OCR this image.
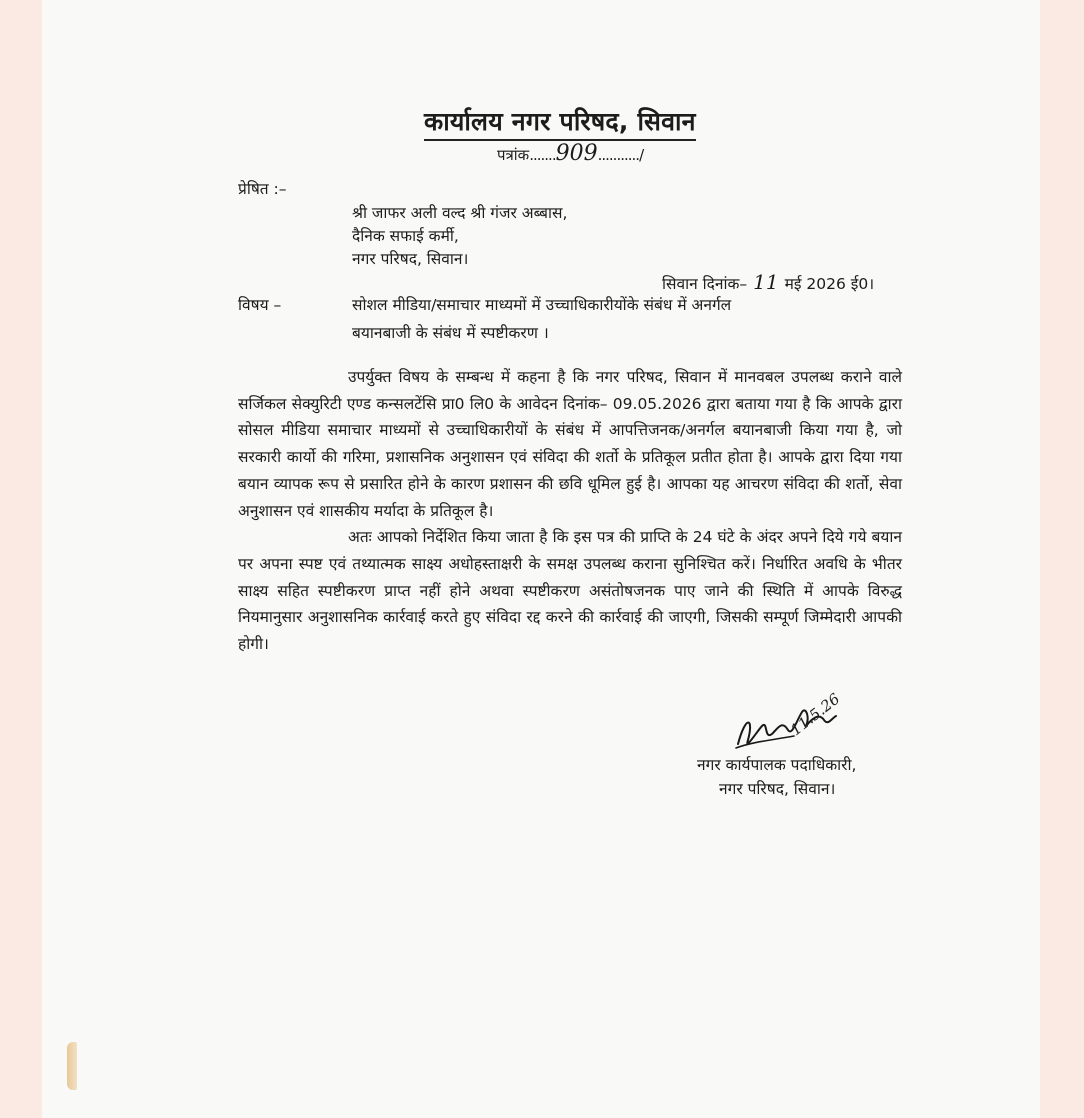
कार्यालय नगर परिषद, सिवान
पत्रांक.......909.........../
प्रेषित :–
श्री जाफर अली वल्द श्री गंजर अब्बास,
दैनिक सफाई कर्मी,
नगर परिषद, सिवान।
सिवान दिनांक– 11 मई 2026 ई0।
विषय –	सोशल मीडिया/समाचार माध्यमों में उच्चाधिकारीयोंके संबंध में अनर्गल
बयानबाजी के संबंध में स्पष्टीकरण ।

उपर्युक्त विषय के सम्बन्ध में कहना है कि नगर परिषद, सिवान में मानवबल उपलब्ध कराने वाले सर्जिकल सेक्युरिटी एण्ड कन्सलटेंसि प्रा0 लि0 के आवेदन दिनांक– 09.05.2026 द्वारा बताया गया है कि आपके द्वारा सोसल मीडिया समाचार माध्यमों से उच्चाधिकारीयों के संबंध में आपत्तिजनक/अनर्गल बयानबाजी किया गया है, जो सरकारी कार्यो की गरिमा, प्रशासनिक अनुशासन एवं संविदा की शर्तो के प्रतिकूल प्रतीत होता है। आपके द्वारा दिया गया बयान व्यापक रूप से प्रसारित होने के कारण प्रशासन की छवि धूमिल हुई है। आपका यह आचरण संविदा की शर्तो, सेवा अनुशासन एवं शासकीय मर्यादा के प्रतिकूल है।

अतः आपको निर्देशित किया जाता है कि इस पत्र की प्राप्ति के 24 घंटे के अंदर अपने दिये गये बयान पर अपना स्पष्ट एवं तथ्यात्मक साक्ष्य अधोहस्ताक्षरी के समक्ष उपलब्ध कराना सुनिश्चित करें। निर्धारित अवधि के भीतर साक्ष्य सहित स्पष्टीकरण प्राप्त नहीं होने अथवा स्पष्टीकरण असंतोषजनक पाए जाने की स्थिति में आपके विरुद्ध नियमानुसार अनुशासनिक कार्रवाई करते हुए संविदा रद्द करने की कार्रवाई की जाएगी, जिसकी सम्पूर्ण जिम्मेदारी आपकी होगी।

11.5.26
नगर कार्यपालक पदाधिकारी,
नगर परिषद, सिवान।
